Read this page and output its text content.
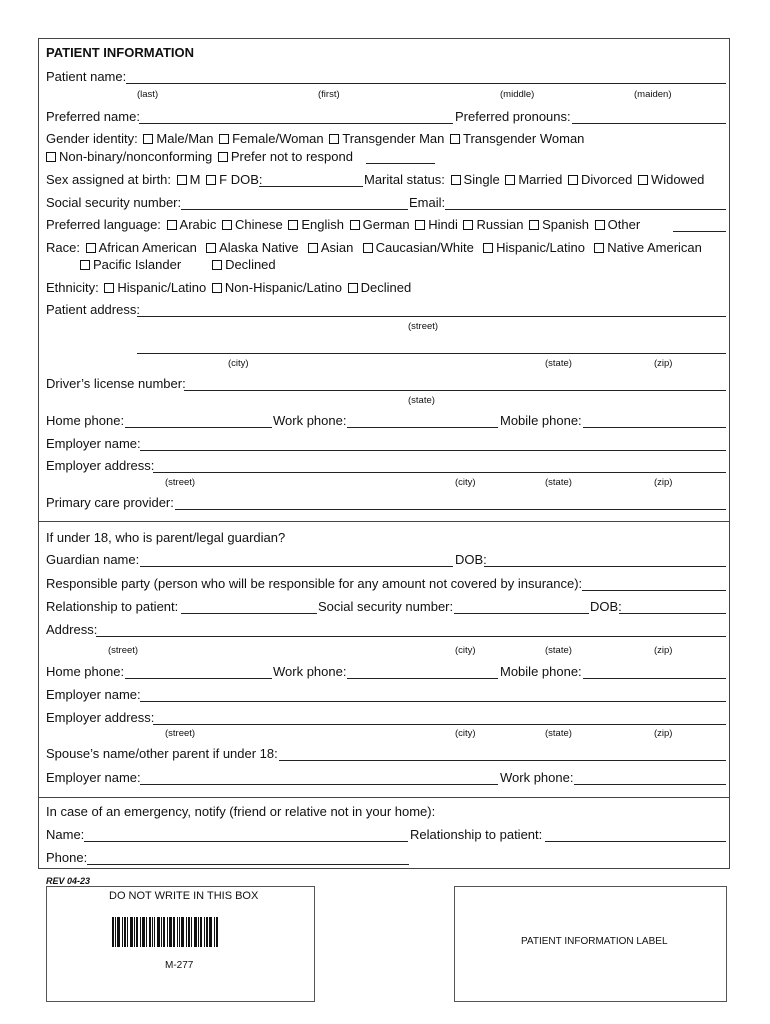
PATIENT INFORMATION
Patient name:
(last)	(first)	(middle)	(maiden)
Preferred name:	Preferred pronouns:
Gender identity: Male/Man Female/Woman Transgender Man Transgender Woman
Non-binary/nonconforming Prefer not to respond
Sex assigned at birth: M F DOB:	Marital status: Single Married Divorced Widowed
Social security number:	Email:
Preferred language: Arabic Chinese English German Hindi Russian Spanish Other
Race: African American Alaska Native Asian Caucasian/White Hispanic/Latino Native American
Pacific Islander	Declined
Ethnicity: Hispanic/Latino Non-Hispanic/Latino Declined
Patient address:
(street)
(city)	(state)	(zip)
Driver’s license number:
(state)
Home phone:	Work phone:	Mobile phone:
Employer name:
Employer address:
(street)	(city)	(state)	(zip)
Primary care provider:
If under 18, who is parent/legal guardian?
Guardian name:	DOB:
Responsible party (person who will be responsible for any amount not covered by insurance):
Relationship to patient:	Social security number:	DOB:
Address:
(street)	(city)	(state)	(zip)
Home phone:	Work phone:	Mobile phone:
Employer name:
Employer address:
(street)	(city)	(state)	(zip)
Spouse’s name/other parent if under 18:
Employer name:	Work phone:
In case of an emergency, notify (friend or relative not in your home):
Name:	Relationship to patient:
Phone:
REV 04-23
DO NOT WRITE IN THIS BOX
M-277
PATIENT INFORMATION LABEL
